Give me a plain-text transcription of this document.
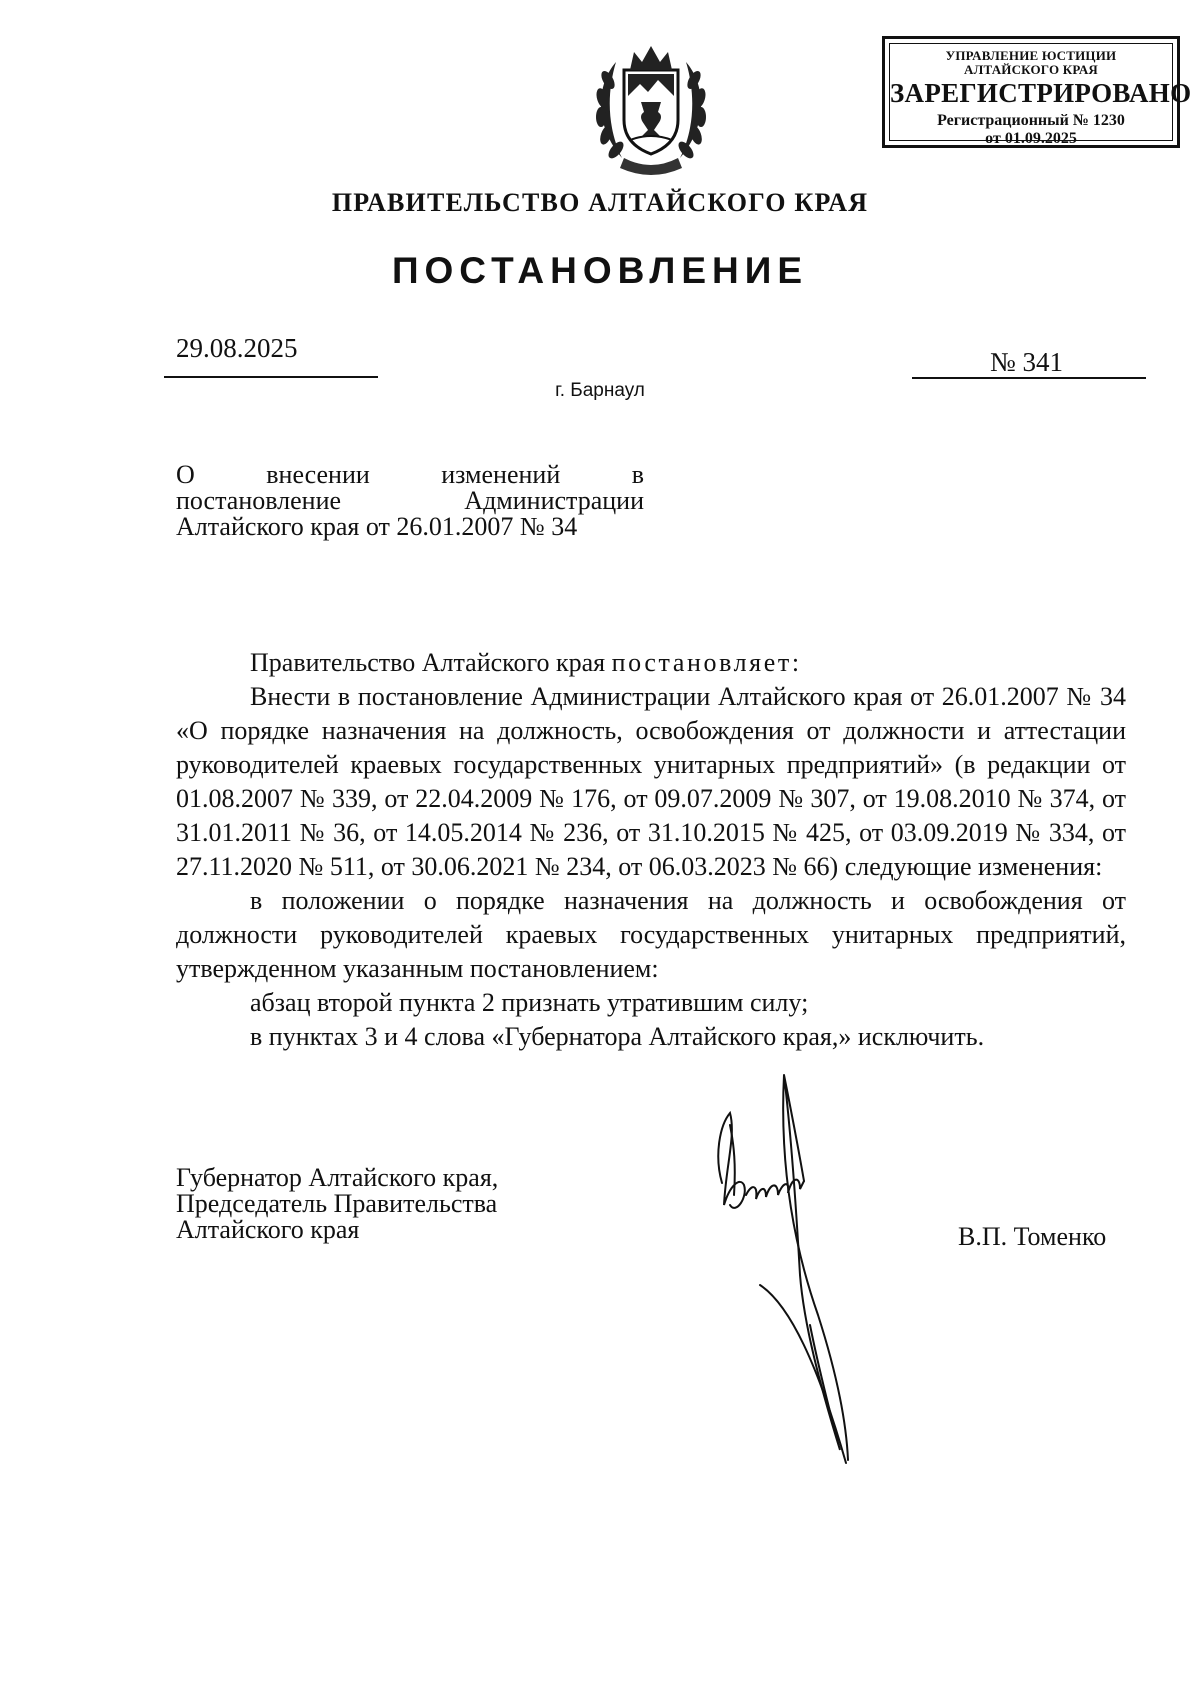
УПРАВЛЕНИЕ ЮСТИЦИИ
АЛТАЙСКОГО КРАЯ
ЗАРЕГИСТРИРОВАНО
Регистрационный № 1230
от 01.09.2025
ПРАВИТЕЛЬСТВО АЛТАЙСКОГО КРАЯ
ПОСТАНОВЛЕНИЕ
29.08.2025	№ 341
г. Барнаул
О внесении изменений в
постановление Администрации
Алтайского края от 26.01.2007 № 34

Правительство Алтайского края постановляет:

Внести в постановление Администрации Алтайского края от 26.01.2007 № 34 «О порядке назначения на должность, освобождения от должности и аттестации руководителей краевых государственных унитарных предприятий» (в редакции от 01.08.2007 № 339, от 22.04.2009 № 176, от 09.07.2009 № 307, от 19.08.2010 № 374, от 31.01.2011 № 36, от 14.05.2014 № 236, от 31.10.2015 № 425, от 03.09.2019 № 334, от 27.11.2020 № 511, от 30.06.2021 № 234, от 06.03.2023 № 66) следующие изменения:

в положении о порядке назначения на должность и освобождения от должности руководителей краевых государственных унитарных предприятий, утвержденном указанным постановлением:

абзац второй пункта 2 признать утратившим силу;

в пунктах 3 и 4 слова «Губернатора Алтайского края,» исключить.

Губернатор Алтайского края,
Председатель Правительства
Алтайского края	В.П. Томенко
